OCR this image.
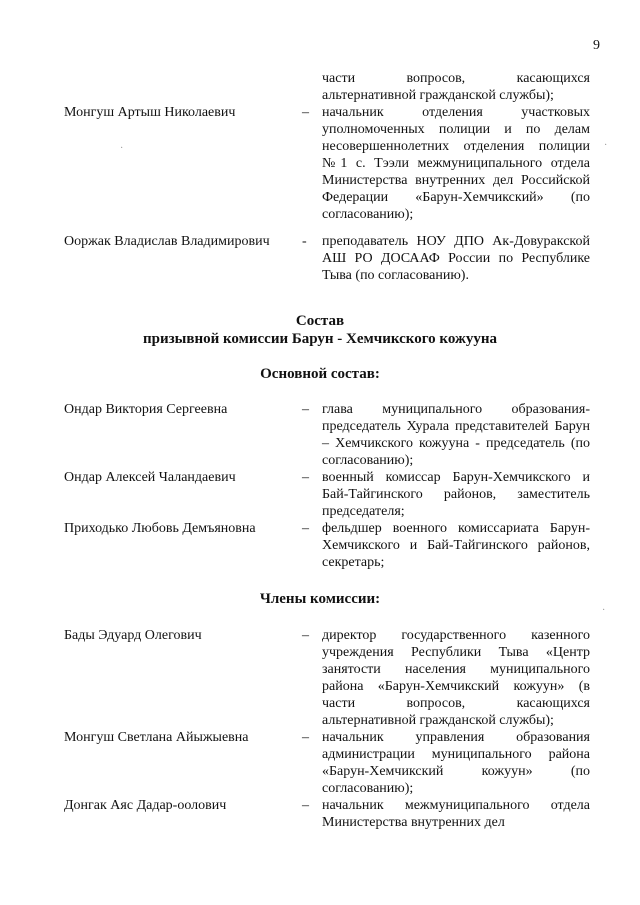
9
части вопросов, касающихся альтернативной гражданской службы);
Монгуш Артыш Николаевич	– начальник отделения участковых уполномоченных полиции и по делам несовершеннолетних отделения полиции №1 с. Тээли межмуниципального отдела Министерства внутренних дел Российской Федерации «Барун-Хемчикский» (по согласованию);
Ооржак Владислав Владимирович - преподаватель НОУ ДПО Ак-Довуракской АШ РО ДОСААФ России по Республике Тыва (по согласованию).
Состав
призывной комиссии Барун - Хемчикского кожууна
Основной состав:
Ондар Виктория Сергеевна	– глава муниципального образования-председатель Хурала представителей Барун – Хемчикского кожууна - председатель (по согласованию);
Ондар Алексей Чаландаевич	– военный комиссар Барун-Хемчикского и Бай-Тайгинского районов, заместитель председателя;
Приходько Любовь Демъяновна	– фельдшер военного комиссариата Барун-Хемчикского и Бай-Тайгинского районов, секретарь;
Члены комиссии:
Бады Эдуард Олегович	– директор государственного казенного учреждения Республики Тыва «Центр занятости населения муниципального района «Барун-Хемчикский кожуун» (в части вопросов, касающихся альтернативной гражданской службы);
Монгуш Светлана Айыжыевна	– начальник управления образования администрации муниципального района «Барун-Хемчикский кожуун» (по согласованию);
Донгак Аяс Дадар-оолович	– начальник межмуниципального отдела Министерства внутренних дел
·
·
·
